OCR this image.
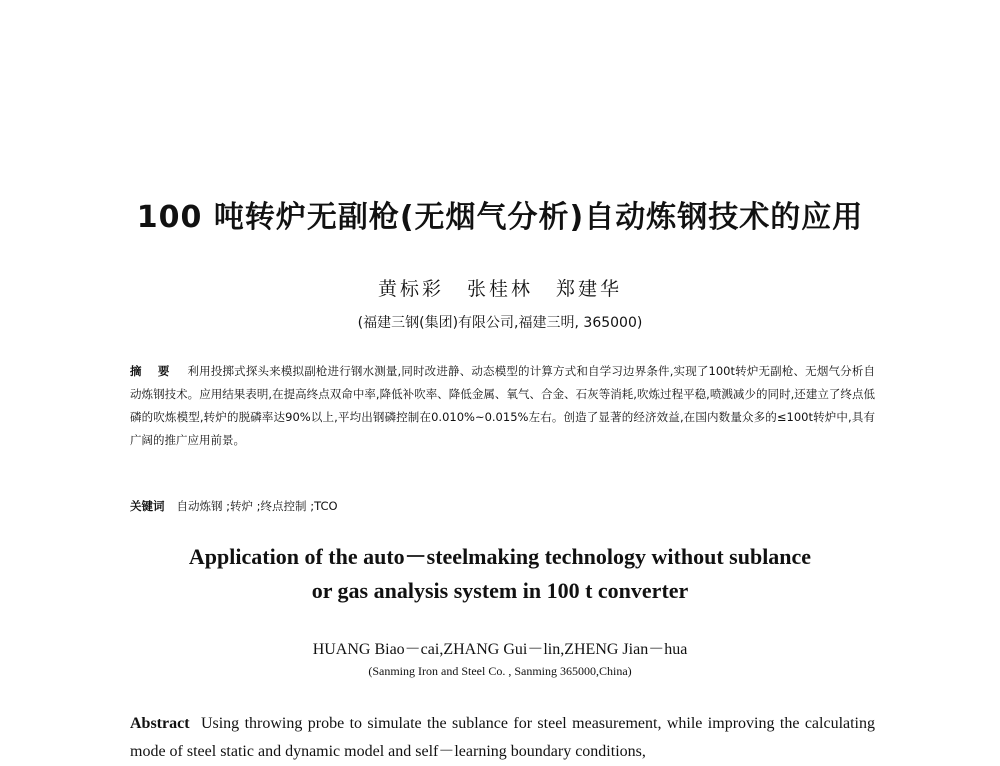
100 吨转炉无副枪(无烟气分析)自动炼钢技术的应用
黄标彩 张桂林 郑建华
(福建三钢(集团)有限公司,福建三明, 365000)
摘 要 利用投掷式探头来模拟副枪进行钢水测量,同时改进静、动态模型的计算方式和自学习边界条件,实现了100t转炉无副枪、无烟气分析自动炼钢技术。应用结果表明,在提高终点双命中率,降低补吹率、降低金属、氧气、合金、石灰等消耗,吹炼过程平稳,喷溅减少的同时,还建立了终点低磷的吹炼模型,转炉的脱磷率达90%以上,平均出钢磷控制在0.010%~0.015%左右。创造了显著的经济效益,在国内数量众多的≤100t转炉中,具有广阔的推广应用前景。
关键词 自动炼钢 ;转炉 ;终点控制 ;TCO
Application of the auto－steelmaking technology without sublance
or gas analysis system in 100 t converter
HUANG Biao－cai,ZHANG Gui－lin,ZHENG Jian－hua
(Sanming Iron and Steel Co. , Sanming 365000,China)
Abstract Using throwing probe to simulate the sublance for steel measurement, while improving the calculating mode of steel static and dynamic model and self－learning boundary conditions,
